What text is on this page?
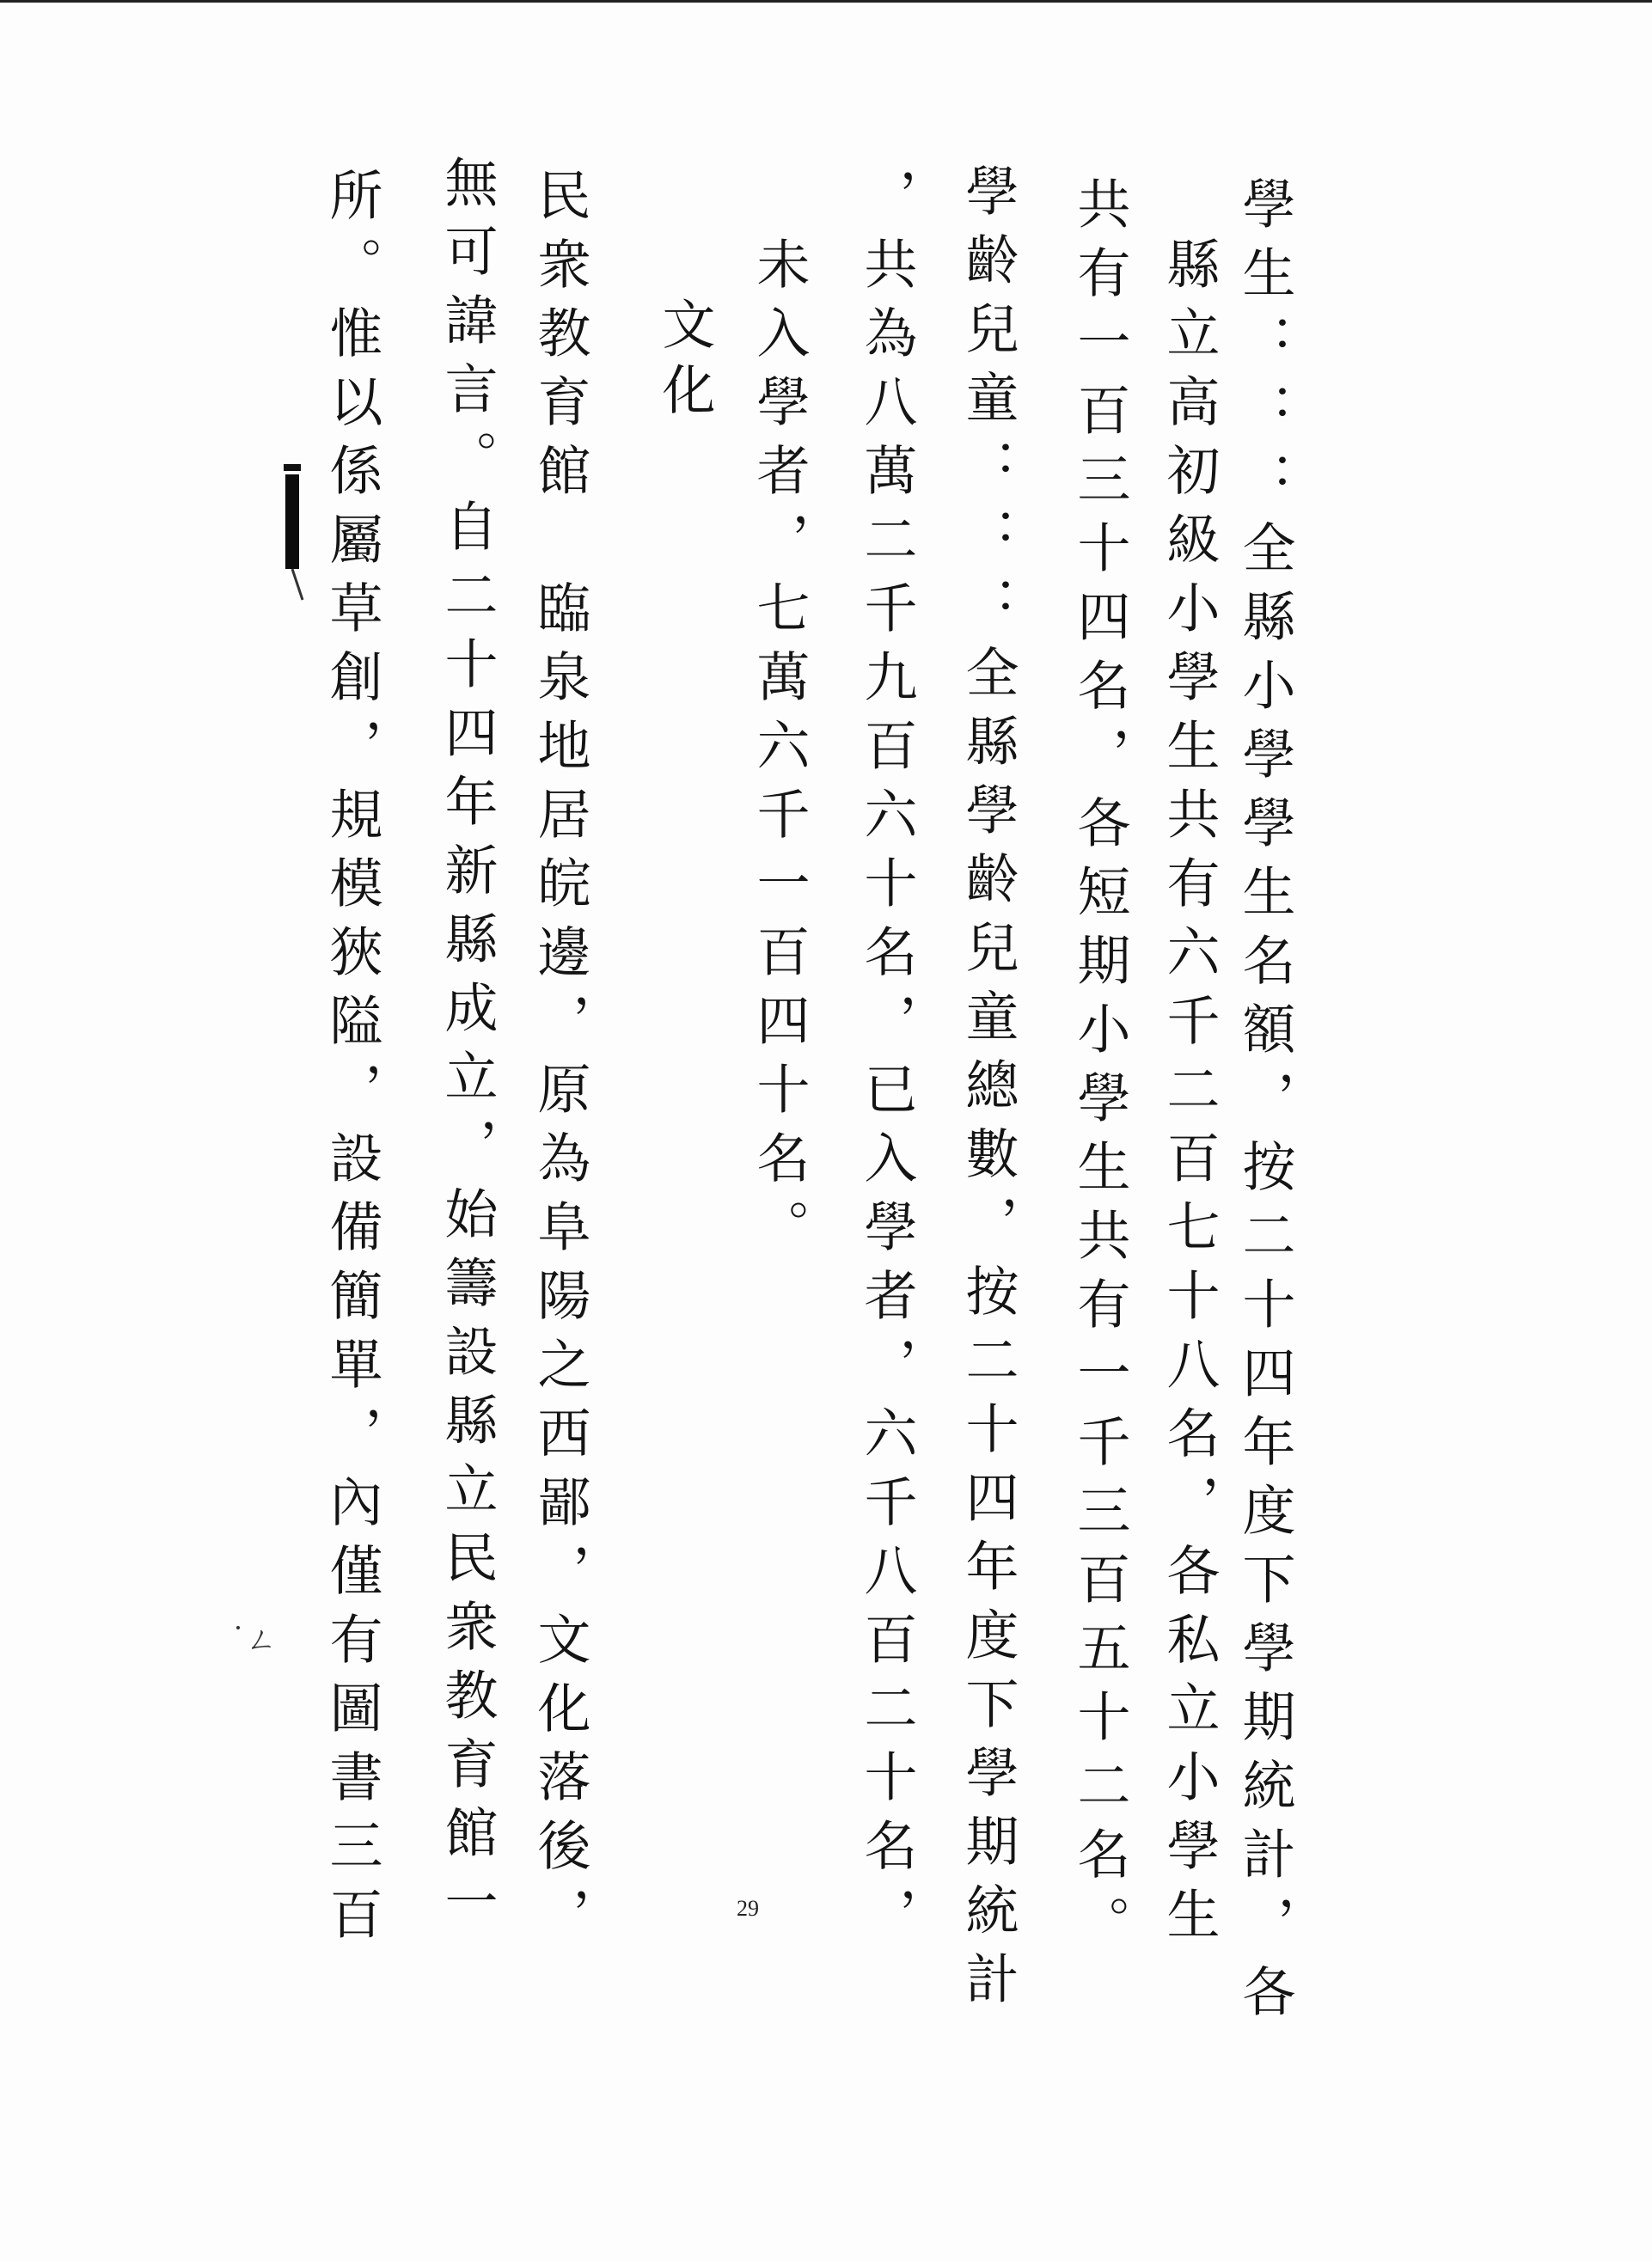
學生：：：全縣小學學生名額，按二十四年度下學期統計，各
縣立高初級小學生共有六千二百七十八名，各私立小學生
共有一百三十四名，各短期小學生共有一千三百五十二名。
學齡兒童：：：全縣學齡兒童總數，按二十四年度下學期統計
，共為八萬二千九百六十名，已入學者，六千八百二十名，
未入學者，七萬六千一百四十名。
文化
民衆教育館　臨泉地居皖邊，原為阜陽之西鄙，文化落後，
無可諱言。自二十四年新縣成立，始籌設縣立民衆教育館一
所。惟以係屬草創，規模狹隘，設備簡單，內僅有圖書三百
˙ㄥ
29
